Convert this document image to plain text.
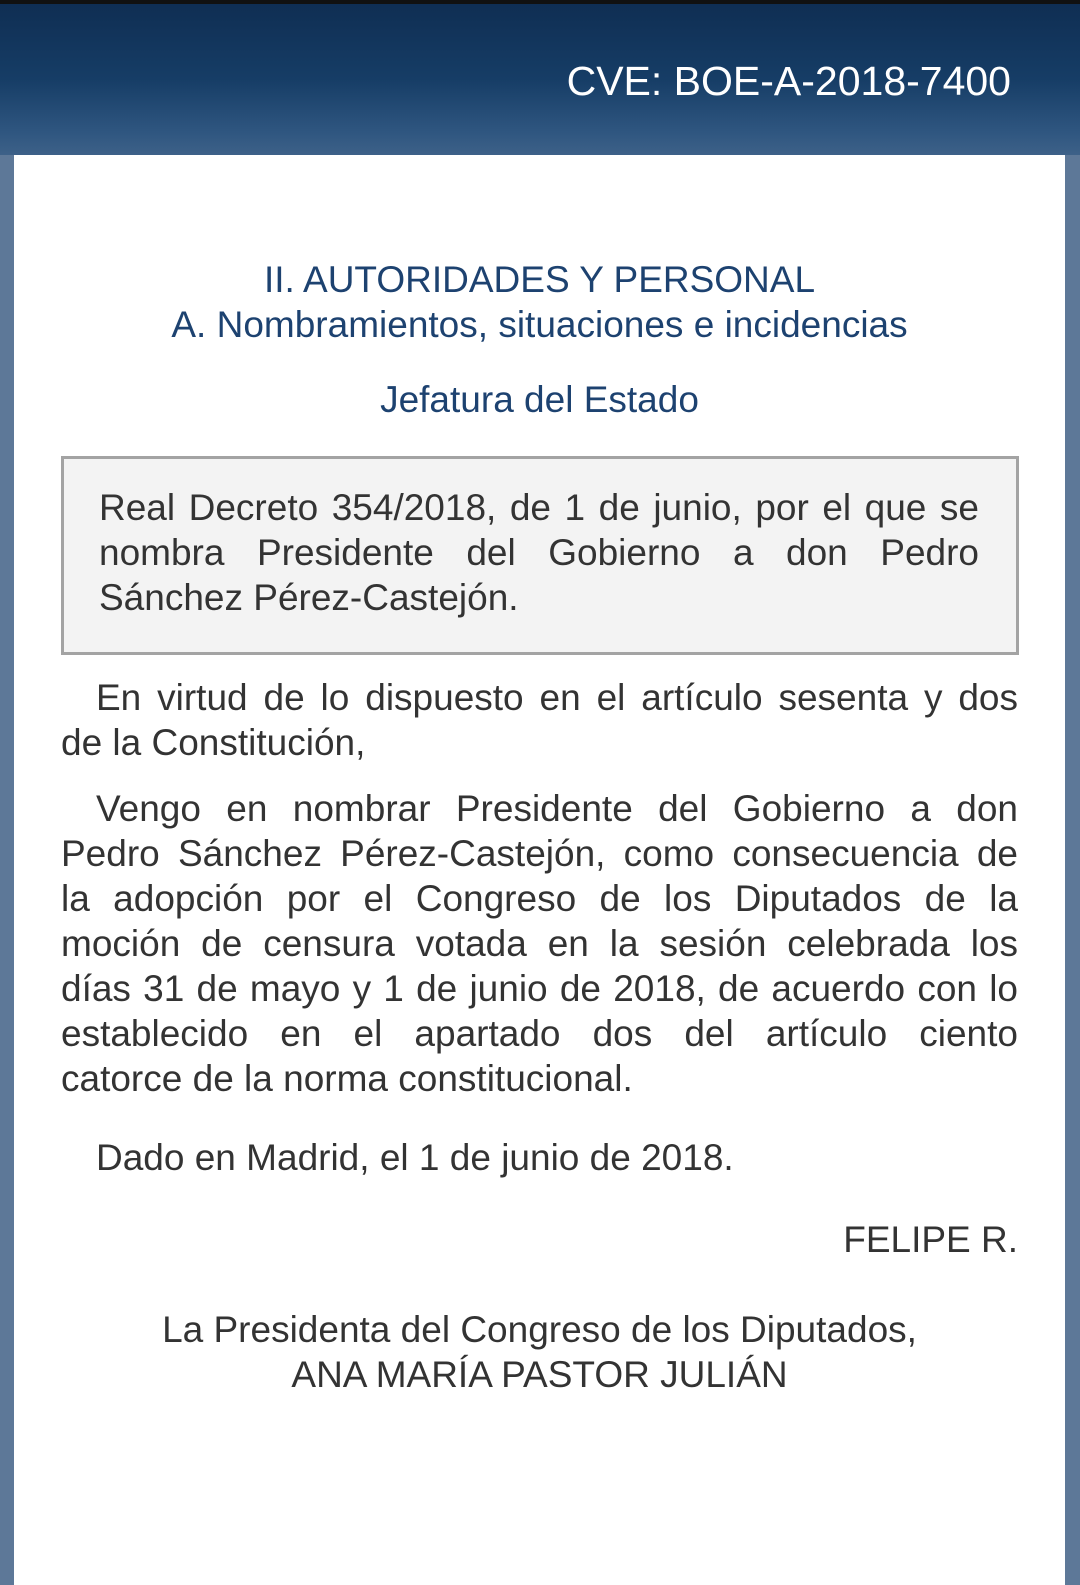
CVE: BOE-A-2018-7400
II. AUTORIDADES Y PERSONAL
A. Nombramientos, situaciones e incidencias
Jefatura del Estado
Real Decreto 354/2018, de 1 de junio, por el que se
nombra Presidente del Gobierno a don Pedro
Sánchez Pérez-Castejón.
En virtud de lo dispuesto en el artículo sesenta y dos
de la Constitución,
Vengo en nombrar Presidente del Gobierno a don
Pedro Sánchez Pérez-Castejón, como consecuencia de
la adopción por el Congreso de los Diputados de la
moción de censura votada en la sesión celebrada los
días 31 de mayo y 1 de junio de 2018, de acuerdo con lo
establecido en el apartado dos del artículo ciento
catorce de la norma constitucional.
Dado en Madrid, el 1 de junio de 2018.
FELIPE R.
La Presidenta del Congreso de los Diputados,
ANA MARÍA PASTOR JULIÁN
